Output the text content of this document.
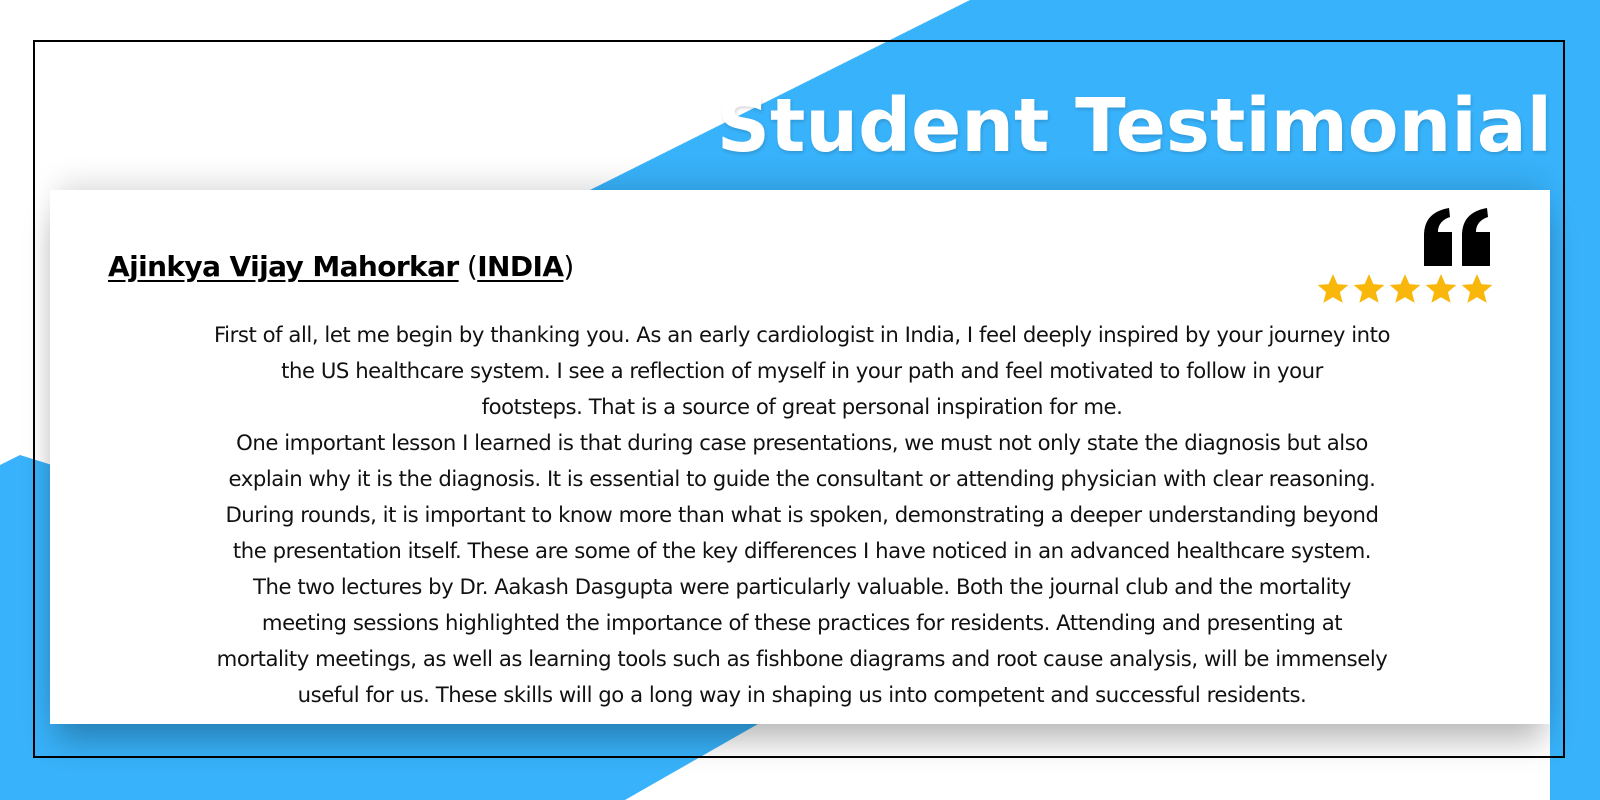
Student Testimonial
Ajinkya Vijay Mahorkar (INDIA)

First of all, let me begin by thanking you. As an early cardiologist in India, I feel deeply inspired by your journey into
the US healthcare system. I see a reflection of myself in your path and feel motivated to follow in your
footsteps. That is a source of great personal inspiration for me.
One important lesson I learned is that during case presentations, we must not only state the diagnosis but also
explain why it is the diagnosis. It is essential to guide the consultant or attending physician with clear reasoning.
During rounds, it is important to know more than what is spoken, demonstrating a deeper understanding beyond
the presentation itself. These are some of the key differences I have noticed in an advanced healthcare system.
The two lectures by Dr. Aakash Dasgupta were particularly valuable. Both the journal club and the mortality
meeting sessions highlighted the importance of these practices for residents. Attending and presenting at
mortality meetings, as well as learning tools such as fishbone diagrams and root cause analysis, will be immensely
useful for us. These skills will go a long way in shaping us into competent and successful residents.
